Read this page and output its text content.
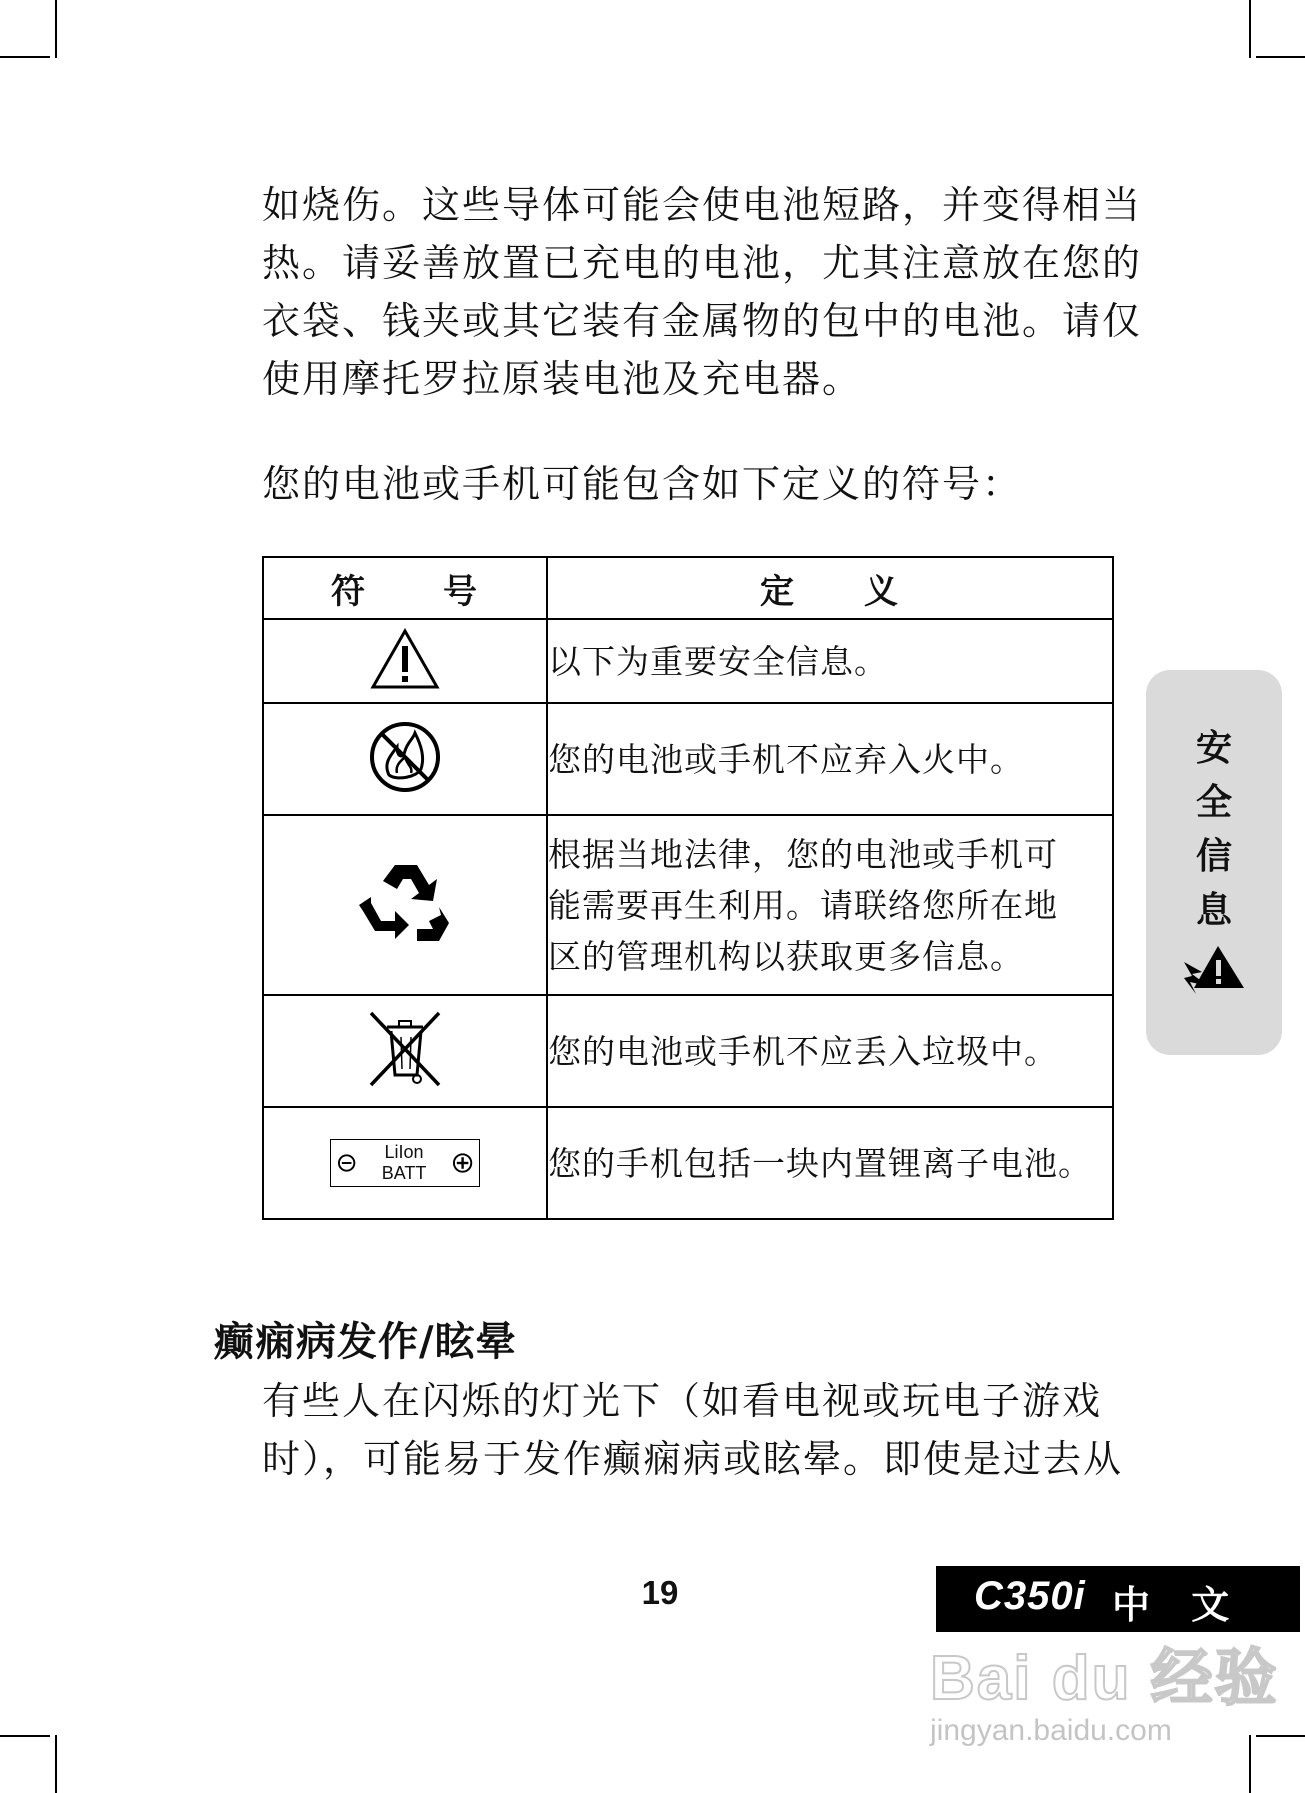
如烧伤。这些导体可能会使电池短路，并变得相当
热。请妥善放置已充电的电池，尤其注意放在您的
衣袋、钱夹或其它装有金属物的包中的电池。请仅
使用摩托罗拉原装电池及充电器。
您的电池或手机可能包含如下定义的符号：
符 号	定 义

以下为重要安全信息。

您的电池或手机不应弃入火中。

根据当地法律，您的电池或手机可
能需要再生利用。请联络您所在地
区的管理机构以获取更多信息。

您的电池或手机不应丢入垃圾中。

LiIon BATT	您的手机包括一块内置锂离子电池。
癫痫病发作/眩晕
有些人在闪烁的灯光下（如看电视或玩电子游戏
时），可能易于发作癫痫病或眩晕。即使是过去从
安
全
信
息
19	C350i 中 文
Bai du 经验
jingyan.baidu.com
